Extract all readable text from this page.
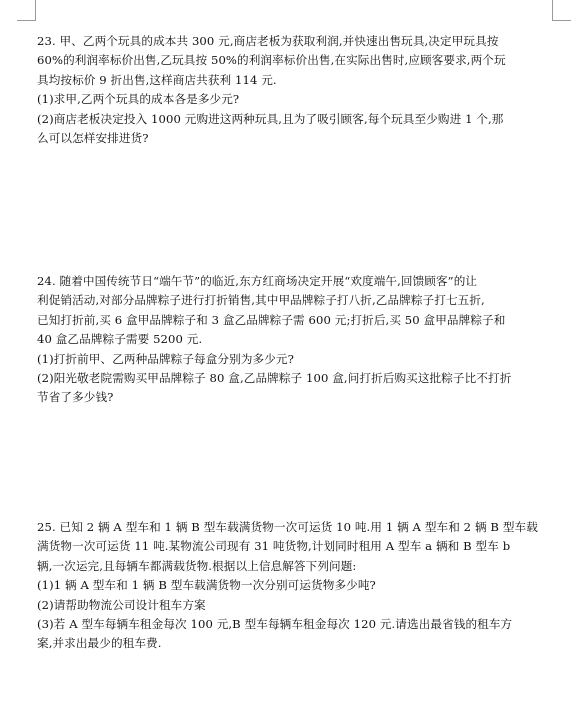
23. 甲、乙两个玩具的成本共 300 元,商店老板为获取利润,并快速出售玩具,决定甲玩具按
60%的利润率标价出售,乙玩具按 50%的利润率标价出售,在实际出售时,应顾客要求,两个玩
具均按标价 9 折出售,这样商店共获利 114 元.
(1)求甲,乙两个玩具的成本各是多少元?
(2)商店老板决定投入 1000 元购进这两种玩具,且为了吸引顾客,每个玩具至少购进 1 个,那
么可以怎样安排进货?
24. 随着中国传统节日“端午节”的临近,东方红商场决定开展“欢度端午,回馈顾客”的让
利促销活动,对部分品牌粽子进行打折销售,其中甲品牌粽子打八折,乙品牌粽子打七五折,
已知打折前,买 6 盒甲品牌粽子和 3 盒乙品牌粽子需 600 元;打折后,买 50 盒甲品牌粽子和
40 盒乙品牌粽子需要 5200 元.
(1)打折前甲、乙两种品牌粽子每盒分别为多少元?
(2)阳光敬老院需购买甲品牌粽子 80 盒,乙品牌粽子 100 盒,问打折后购买这批粽子比不打折
节省了多少钱?
25. 已知 2 辆 A 型车和 1 辆 B 型车载满货物一次可运货 10 吨.用 1 辆 A 型车和 2 辆 B 型车载
满货物一次可运货 11 吨.某物流公司现有 31 吨货物,计划同时租用 A 型车 a 辆和 B 型车 b
辆,一次运完,且每辆车都满载货物.根据以上信息解答下列问题:
(1)1 辆 A 型车和 1 辆 B 型车载满货物一次分别可运货物多少吨?
(2)请帮助物流公司设计租车方案
(3)若 A 型车每辆车租金每次 100 元,B 型车每辆车租金每次 120 元.请选出最省钱的租车方
案,并求出最少的租车费.
